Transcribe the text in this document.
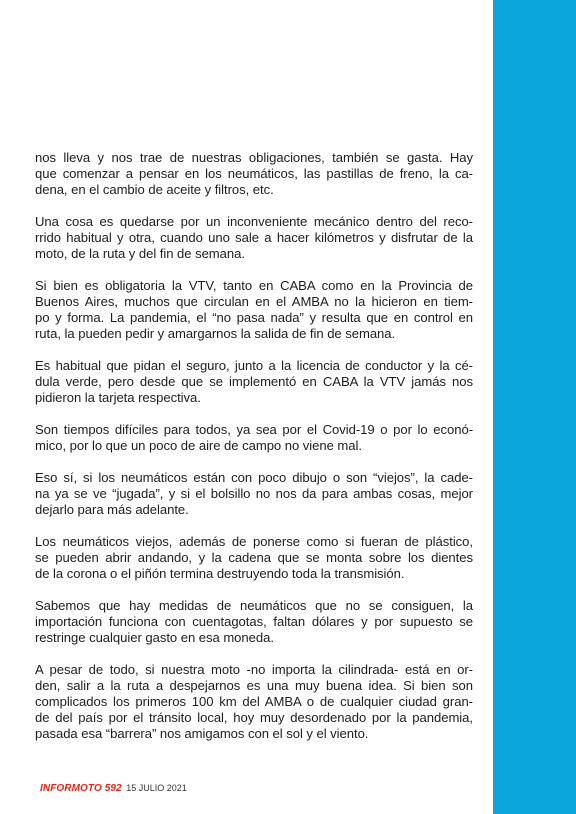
nos lleva y nos trae de nuestras obligaciones, también se gasta. Hay
que comenzar a pensar en los neumáticos, las pastillas de freno, la ca-
dena, en el cambio de aceite y filtros, etc.
Una cosa es quedarse por un inconveniente mecánico dentro del reco-
rrido habitual y otra, cuando uno sale a hacer kilómetros y disfrutar de la
moto, de la ruta y del fin de semana.
Si bien es obligatoria la VTV, tanto en CABA como en la Provincia de
Buenos Aires, muchos que circulan en el AMBA no la hicieron en tiem-
po y forma. La pandemia, el “no pasa nada” y resulta que en control en
ruta, la pueden pedir y amargarnos la salida de fin de semana.
Es habitual que pidan el seguro, junto a la licencia de conductor y la cé-
dula verde, pero desde que se implementó en CABA la VTV jamás nos
pidieron la tarjeta respectiva.
Son tiempos difíciles para todos, ya sea por el Covid-19 o por lo econó-
mico, por lo que un poco de aire de campo no viene mal.
Eso sí, si los neumáticos están con poco dibujo o son “viejos”, la cade-
na ya se ve “jugada”, y si el bolsillo no nos da para ambas cosas, mejor
dejarlo para más adelante.
Los neumáticos viejos, además de ponerse como si fueran de plástico,
se pueden abrir andando, y la cadena que se monta sobre los dientes
de la corona o el piñón termina destruyendo toda la transmisión.
Sabemos que hay medidas de neumáticos que no se consiguen, la
importación funciona con cuentagotas, faltan dólares y por supuesto se
restringe cualquier gasto en esa moneda.
A pesar de todo, si nuestra moto -no importa la cilindrada- está en or-
den, salir a la ruta a despejarnos es una muy buena idea. Si bien son
complicados los primeros 100 km del AMBA o de cualquier ciudad gran-
de del país por el tránsito local, hoy muy desordenado por la pandemia,
pasada esa “barrera” nos amigamos con el sol y el viento.
INFORMOTO 592 15 JULIO 2021
